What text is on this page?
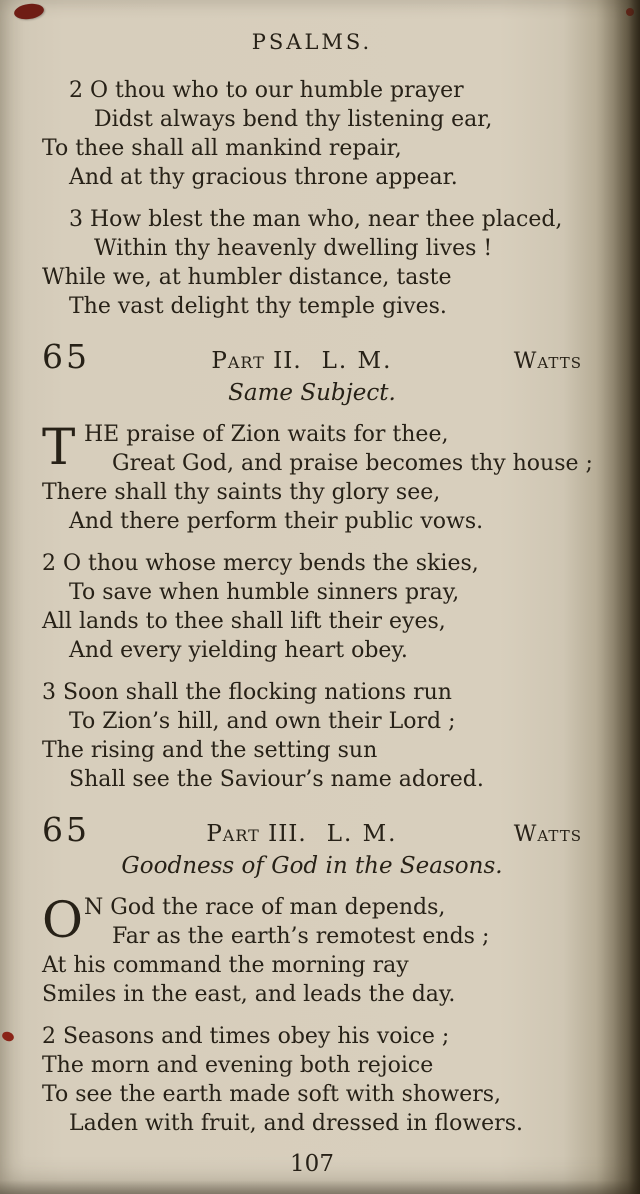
PSALMS.
2 O thou who to our humble prayer
Didst always bend thy listening ear,
To thee shall all mankind repair,
And at thy gracious throne appear.
3 How blest the man who, near thee placed,
Within thy heavenly dwelling lives !
While we, at humbler distance, taste
The vast delight thy temple gives.
65	Part II. L. M.	Watts
Same Subject.
T HE praise of Zion waits for thee,
Great God, and praise becomes thy house ;
There shall thy saints thy glory see,
And there perform their public vows.
2 O thou whose mercy bends the skies,
To save when humble sinners pray,
All lands to thee shall lift their eyes,
And every yielding heart obey.
3 Soon shall the flocking nations run
To Zion’s hill, and own their Lord ;
The rising and the setting sun
Shall see the Saviour’s name adored.
65	Part III. L. M.	Watts
Goodness of God in the Seasons.
O N God the race of man depends,
Far as the earth’s remotest ends ;
At his command the morning ray
Smiles in the east, and leads the day.
2 Seasons and times obey his voice ;
The morn and evening both rejoice
To see the earth made soft with showers,
Laden with fruit, and dressed in flowers.
107
